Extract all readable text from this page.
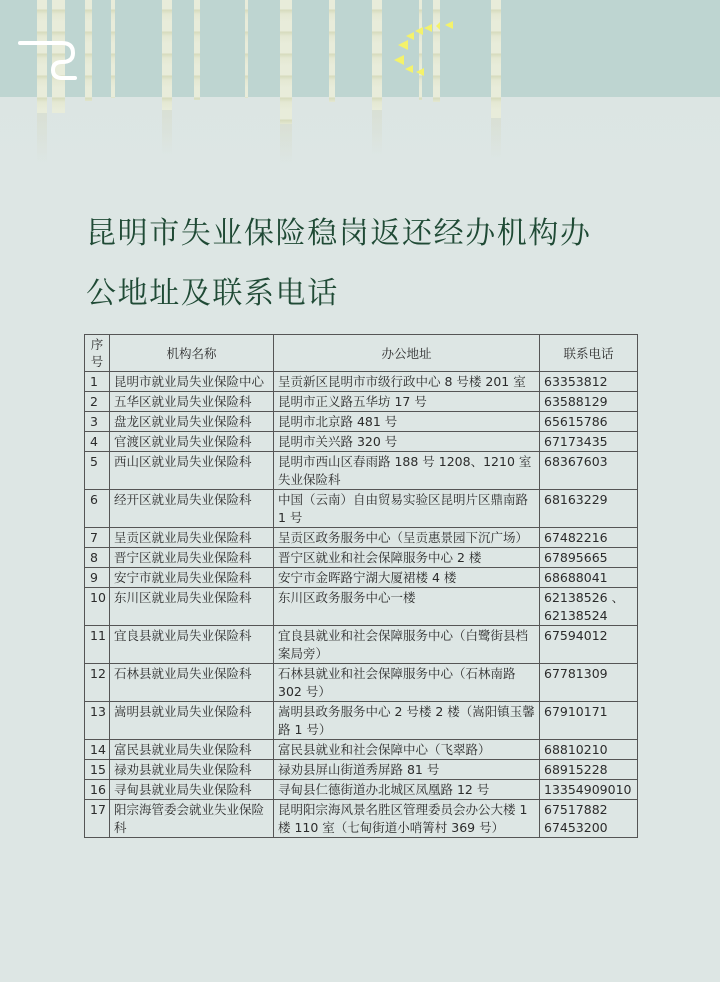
昆明市失业保险稳岗返还经办机构办
公地址及联系电话
序号	机构名称	办公地址	联系电话
1	昆明市就业局失业保险中心	呈贡新区昆明市市级行政中心 8 号楼 201 室	63353812
2	五华区就业局失业保险科	昆明市正义路五华坊 17 号	63588129
3	盘龙区就业局失业保险科	昆明市北京路 481 号	65615786
4	官渡区就业局失业保险科	昆明市关兴路 320 号	67173435
5	西山区就业局失业保险科	昆明市西山区春雨路 188 号 1208、1210 室失业保险科	68367603
6	经开区就业局失业保险科	中国（云南）自由贸易实验区昆明片区鼎南路 1 号	68163229
7	呈贡区就业局失业保险科	呈贡区政务服务中心（呈贡惠景园下沉广场）	67482216
8	晋宁区就业局失业保险科	晋宁区就业和社会保障服务中心 2 楼	67895665
9	安宁市就业局失业保险科	安宁市金晖路宁湖大厦裙楼 4 楼	68688041
10	东川区就业局失业保险科	东川区政务服务中心一楼	62138526 、62138524
11	宜良县就业局失业保险科	宜良县就业和社会保障服务中心（白鹭街县档案局旁）	67594012
12	石林县就业局失业保险科	石林县就业和社会保障服务中心（石林南路 302 号）	67781309
13	嵩明县就业局失业保险科	嵩明县政务服务中心 2 号楼 2 楼（嵩阳镇玉馨路 1 号）	67910171
14	富民县就业局失业保险科	富民县就业和社会保障中心（飞翠路）	68810210
15	禄劝县就业局失业保险科	禄劝县屏山街道秀屏路 81 号	68915228
16	寻甸县就业局失业保险科	寻甸县仁德街道办北城区凤凰路 12 号	13354909010
17	阳宗海管委会就业失业保险科	昆明阳宗海风景名胜区管理委员会办公大楼 1 楼 110 室（七甸街道小哨箐村 369 号）	67517882 67453200
